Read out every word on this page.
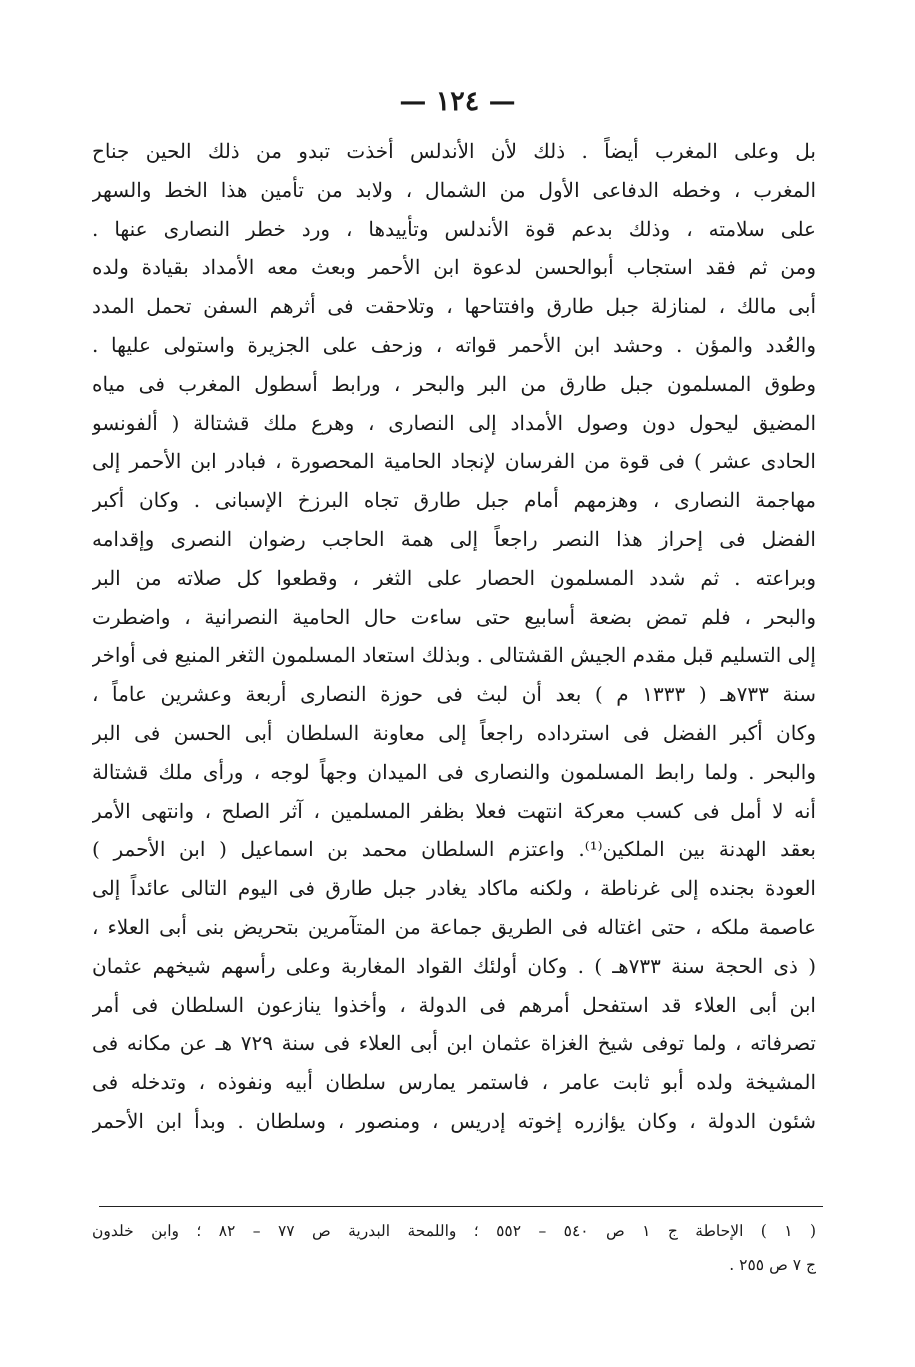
— ١٢٤ —
بل وعلى المغرب أيضاً . ذلك لأن الأندلس أخذت تبدو من ذلك الحين جناح
المغرب ، وخطه الدفاعى الأول من الشمال ، ولابد من تأمين هذا الخط والسهر
على سلامته ، وذلك بدعم قوة الأندلس وتأييدها ، ورد خطر النصارى عنها .
ومن ثم فقد استجاب أبوالحسن لدعوة ابن الأحمر وبعث معه الأمداد بقيادة ولده
أبى مالك ، لمنازلة جبل طارق وافتتاحها ، وتلاحقت فى أثرهم السفن تحمل المدد
والعُدد والمؤن . وحشد ابن الأحمر قواته ، وزحف على الجزيرة واستولى عليها .
وطوق المسلمون جبل طارق من البر والبحر ، ورابط أسطول المغرب فى مياه
المضيق ليحول دون وصول الأمداد إلى النصارى ، وهرع ملك قشتالة ( ألفونسو
الحادى عشر ) فى قوة من الفرسان لإنجاد الحامية المحصورة ، فبادر ابن الأحمر إلى
مهاجمة النصارى ، وهزمهم أمام جبل طارق تجاه البرزخ الإسبانى . وكان أكبر
الفضل فى إحراز هذا النصر راجعاً إلى همة الحاجب رضوان النصرى وإقدامه
وبراعته . ثم شدد المسلمون الحصار على الثغر ، وقطعوا كل صلاته من البر
والبحر ، فلم تمض بضعة أسابيع حتى ساءت حال الحامية النصرانية ، واضطرت
إلى التسليم قبل مقدم الجيش القشتالى . وبذلك استعاد المسلمون الثغر المنيع فى أواخر
سنة ٧٣٣هـ ( ١٣٣٣ م ) بعد أن لبث فى حوزة النصارى أربعة وعشرين عاماً ،
وكان أكبر الفضل فى استرداده راجعاً إلى معاونة السلطان أبى الحسن فى البر
والبحر . ولما رابط المسلمون والنصارى فى الميدان وجهاً لوجه ، ورأى ملك قشتالة
أنه لا أمل فى كسب معركة انتهت فعلا بظفر المسلمين ، آثر الصلح ، وانتهى الأمر
بعقد الهدنة بين الملكين⁽¹⁾. واعتزم السلطان محمد بن اسماعيل ( ابن الأحمر )
العودة بجنده إلى غرناطة ، ولكنه ماكاد يغادر جبل طارق فى اليوم التالى عائداً إلى
عاصمة ملكه ، حتى اغتاله فى الطريق جماعة من المتآمرين بتحريض بنى أبى العلاء ،
( ذى الحجة سنة ٧٣٣هـ ) . وكان أولئك القواد المغاربة وعلى رأسهم شيخهم عثمان
ابن أبى العلاء قد استفحل أمرهم فى الدولة ، وأخذوا ينازعون السلطان فى أمر
تصرفاته ، ولما توفى شيخ الغزاة عثمان ابن أبى العلاء فى سنة ٧٢٩ هـ عن مكانه فى
المشيخة ولده أبو ثابت عامر ، فاستمر يمارس سلطان أبيه ونفوذه ، وتدخله فى
شئون الدولة ، وكان يؤازره إخوته إدريس ، ومنصور ، وسلطان . وبدأ ابن الأحمر
( ١ ) الإحاطة ج ١ ص ٥٤٠ – ٥٥٢ ؛ واللمحة البدرية ص ٧٧ – ٨٢ ؛ وابن خلدون
ج ٧ ص ٢٥٥ .
